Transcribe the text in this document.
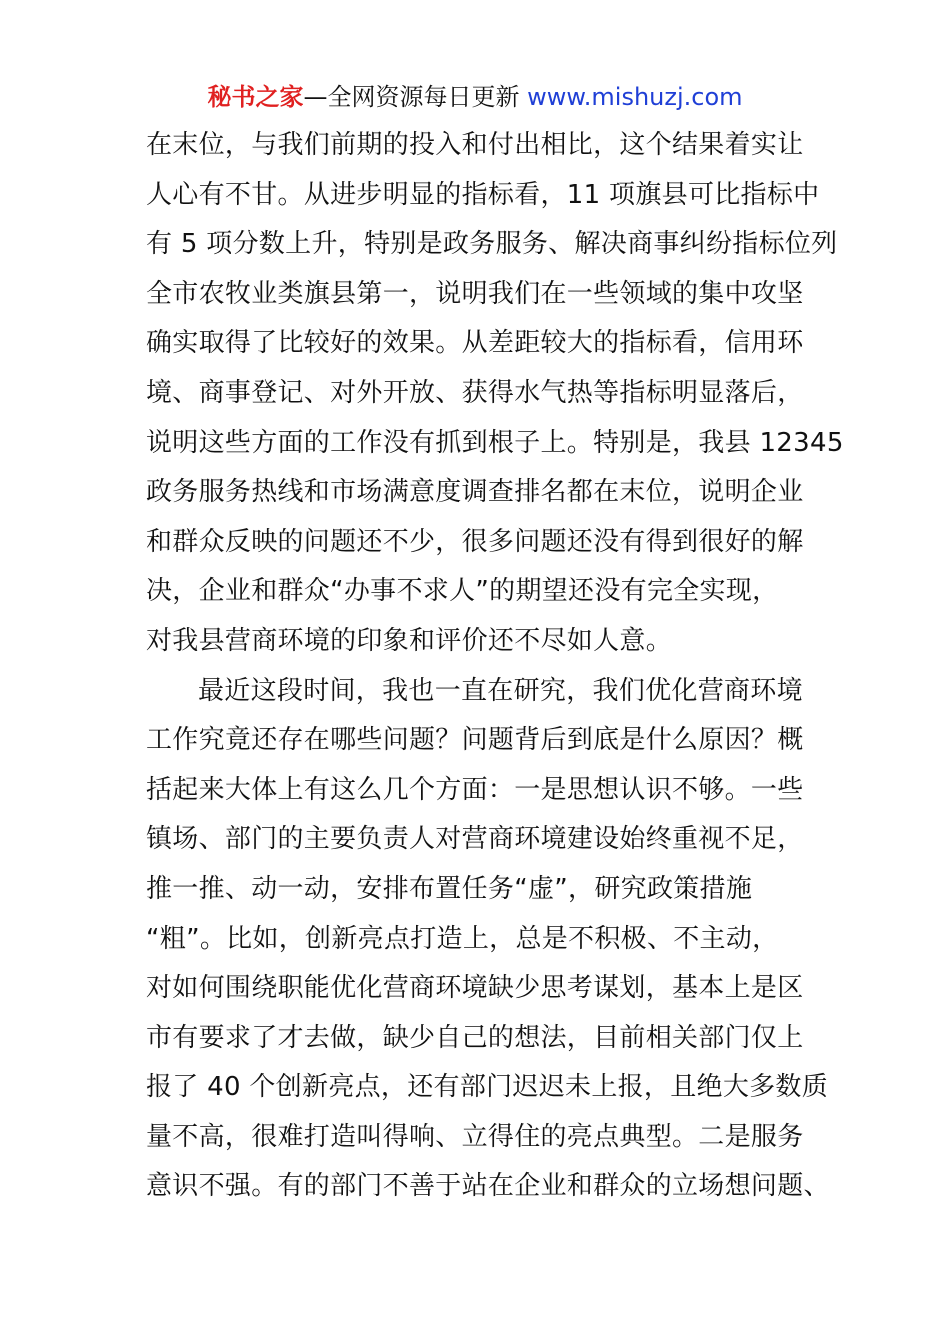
秘书之家—全网资源每日更新 www.mishuzj.com
在末位，与我们前期的投入和付出相比，这个结果着实让
人心有不甘。从进步明显的指标看，11 项旗县可比指标中
有 5 项分数上升，特别是政务服务、解决商事纠纷指标位列
全市农牧业类旗县第一，说明我们在一些领域的集中攻坚
确实取得了比较好的效果。从差距较大的指标看，信用环
境、商事登记、对外开放、获得水气热等指标明显落后，
说明这些方面的工作没有抓到根子上。特别是，我县 12345
政务服务热线和市场满意度调查排名都在末位，说明企业
和群众反映的问题还不少，很多问题还没有得到很好的解
决，企业和群众“办事不求人”的期望还没有完全实现，
对我县营商环境的印象和评价还不尽如人意。
最近这段时间，我也一直在研究，我们优化营商环境
工作究竟还存在哪些问题？问题背后到底是什么原因？概
括起来大体上有这么几个方面：一是思想认识不够。一些
镇场、部门的主要负责人对营商环境建设始终重视不足，
推一推、动一动，安排布置任务“虚”，研究政策措施
“粗”。比如，创新亮点打造上，总是不积极、不主动，
对如何围绕职能优化营商环境缺少思考谋划，基本上是区
市有要求了才去做，缺少自己的想法，目前相关部门仅上
报了 40 个创新亮点，还有部门迟迟未上报，且绝大多数质
量不高，很难打造叫得响、立得住的亮点典型。二是服务
意识不强。有的部门不善于站在企业和群众的立场想问题、
